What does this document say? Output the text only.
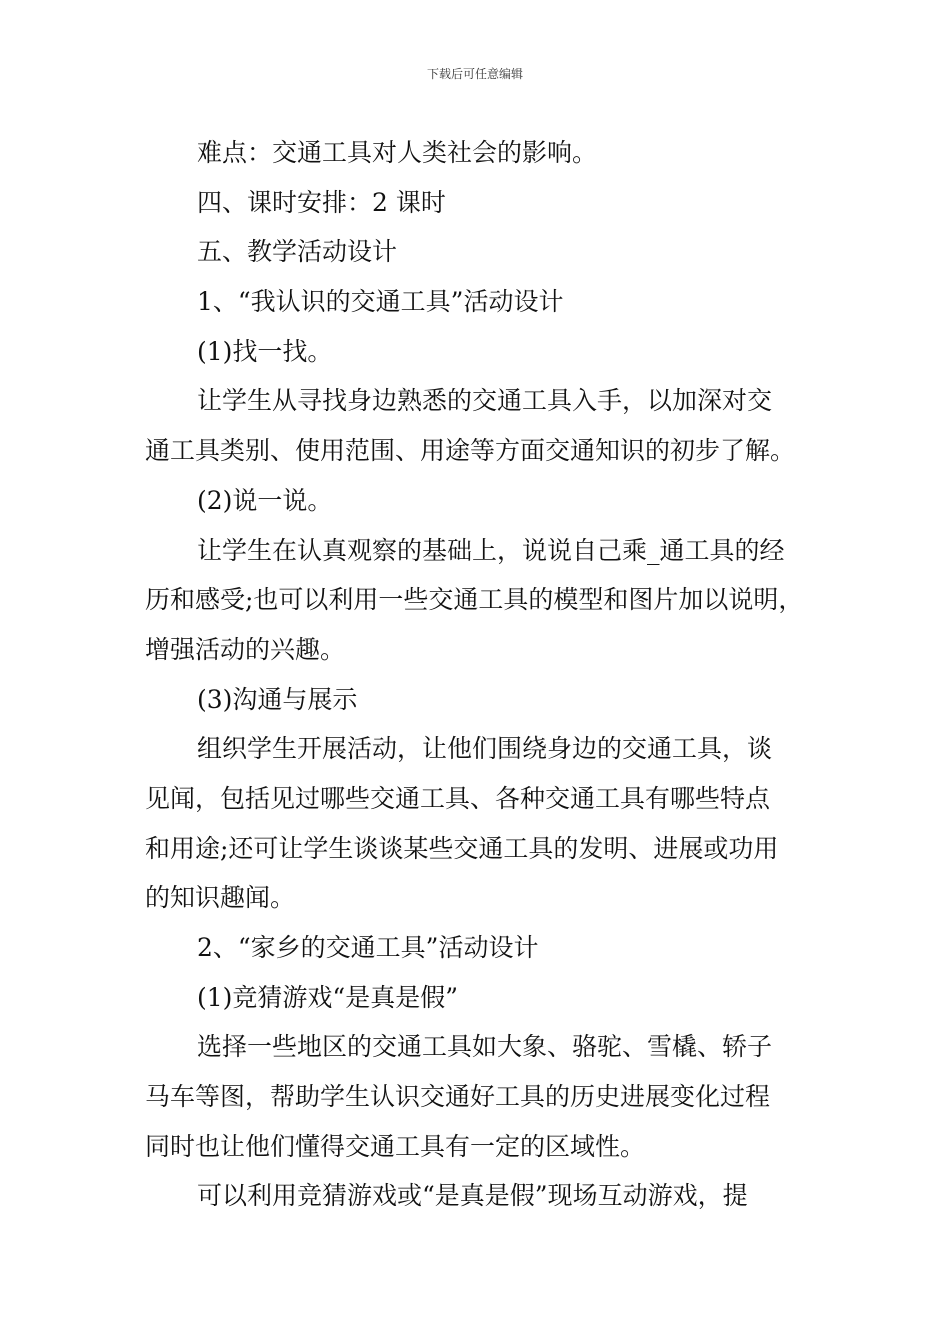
下载后可任意编辑
难点：交通工具对人类社会的影响。
四、课时安排：2 课时
五、教学活动设计
1、“我认识的交通工具”活动设计
(1)找一找。
让学生从寻找身边熟悉的交通工具入手，以加深对交
通工具类别、使用范围、用途等方面交通知识的初步了解。
(2)说一说。
让学生在认真观察的基础上，说说自己乘_通工具的经
历和感受;也可以利用一些交通工具的模型和图片加以说明，
增强活动的兴趣。
(3)沟通与展示
组织学生开展活动，让他们围绕身边的交通工具，谈
见闻，包括见过哪些交通工具、各种交通工具有哪些特点
和用途;还可让学生谈谈某些交通工具的发明、进展或功用
的知识趣闻。
2、“家乡的交通工具”活动设计
(1)竞猜游戏“是真是假”
选择一些地区的交通工具如大象、骆驼、雪橇、轿子
马车等图，帮助学生认识交通好工具的历史进展变化过程
同时也让他们懂得交通工具有一定的区域性。
可以利用竞猜游戏或“是真是假”现场互动游戏，提
